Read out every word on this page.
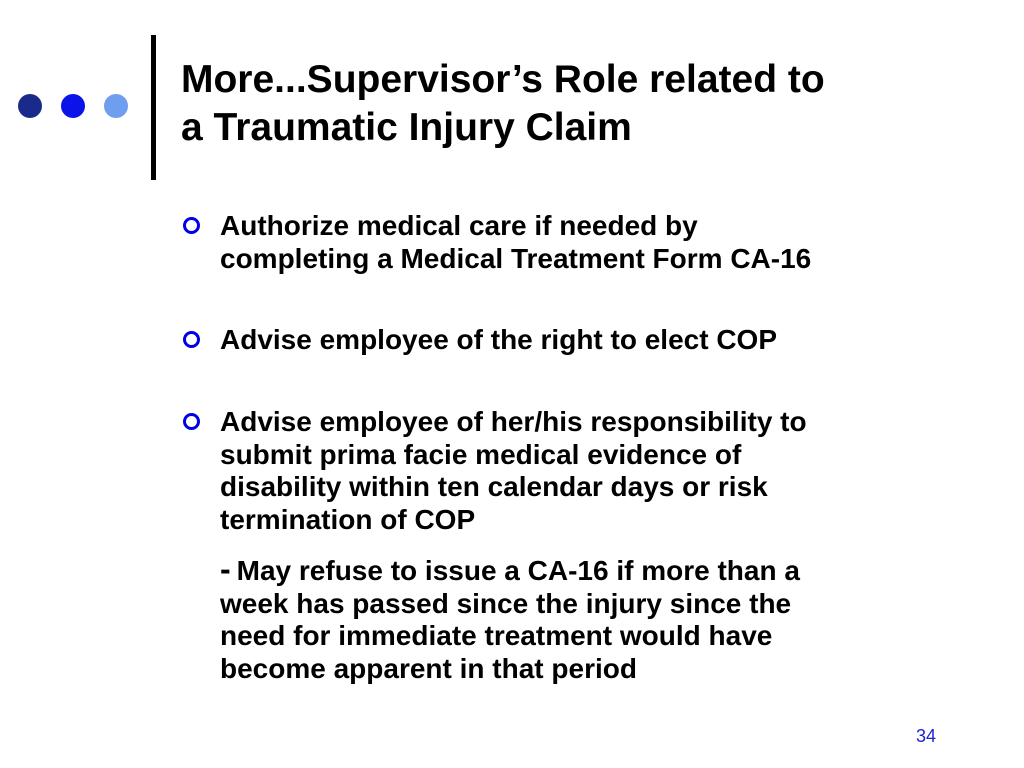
More...Supervisor’s Role related to
a Traumatic Injury Claim
Authorize medical care if needed by
completing a Medical Treatment Form CA-16
Advise employee of the right to elect COP
Advise employee of her/his responsibility to
submit prima facie medical evidence of
disability within ten calendar days or risk
termination of COP
- May refuse to issue a CA-16 if more than a
week has passed since the injury since the
need for immediate treatment would have
become apparent in that period
34
